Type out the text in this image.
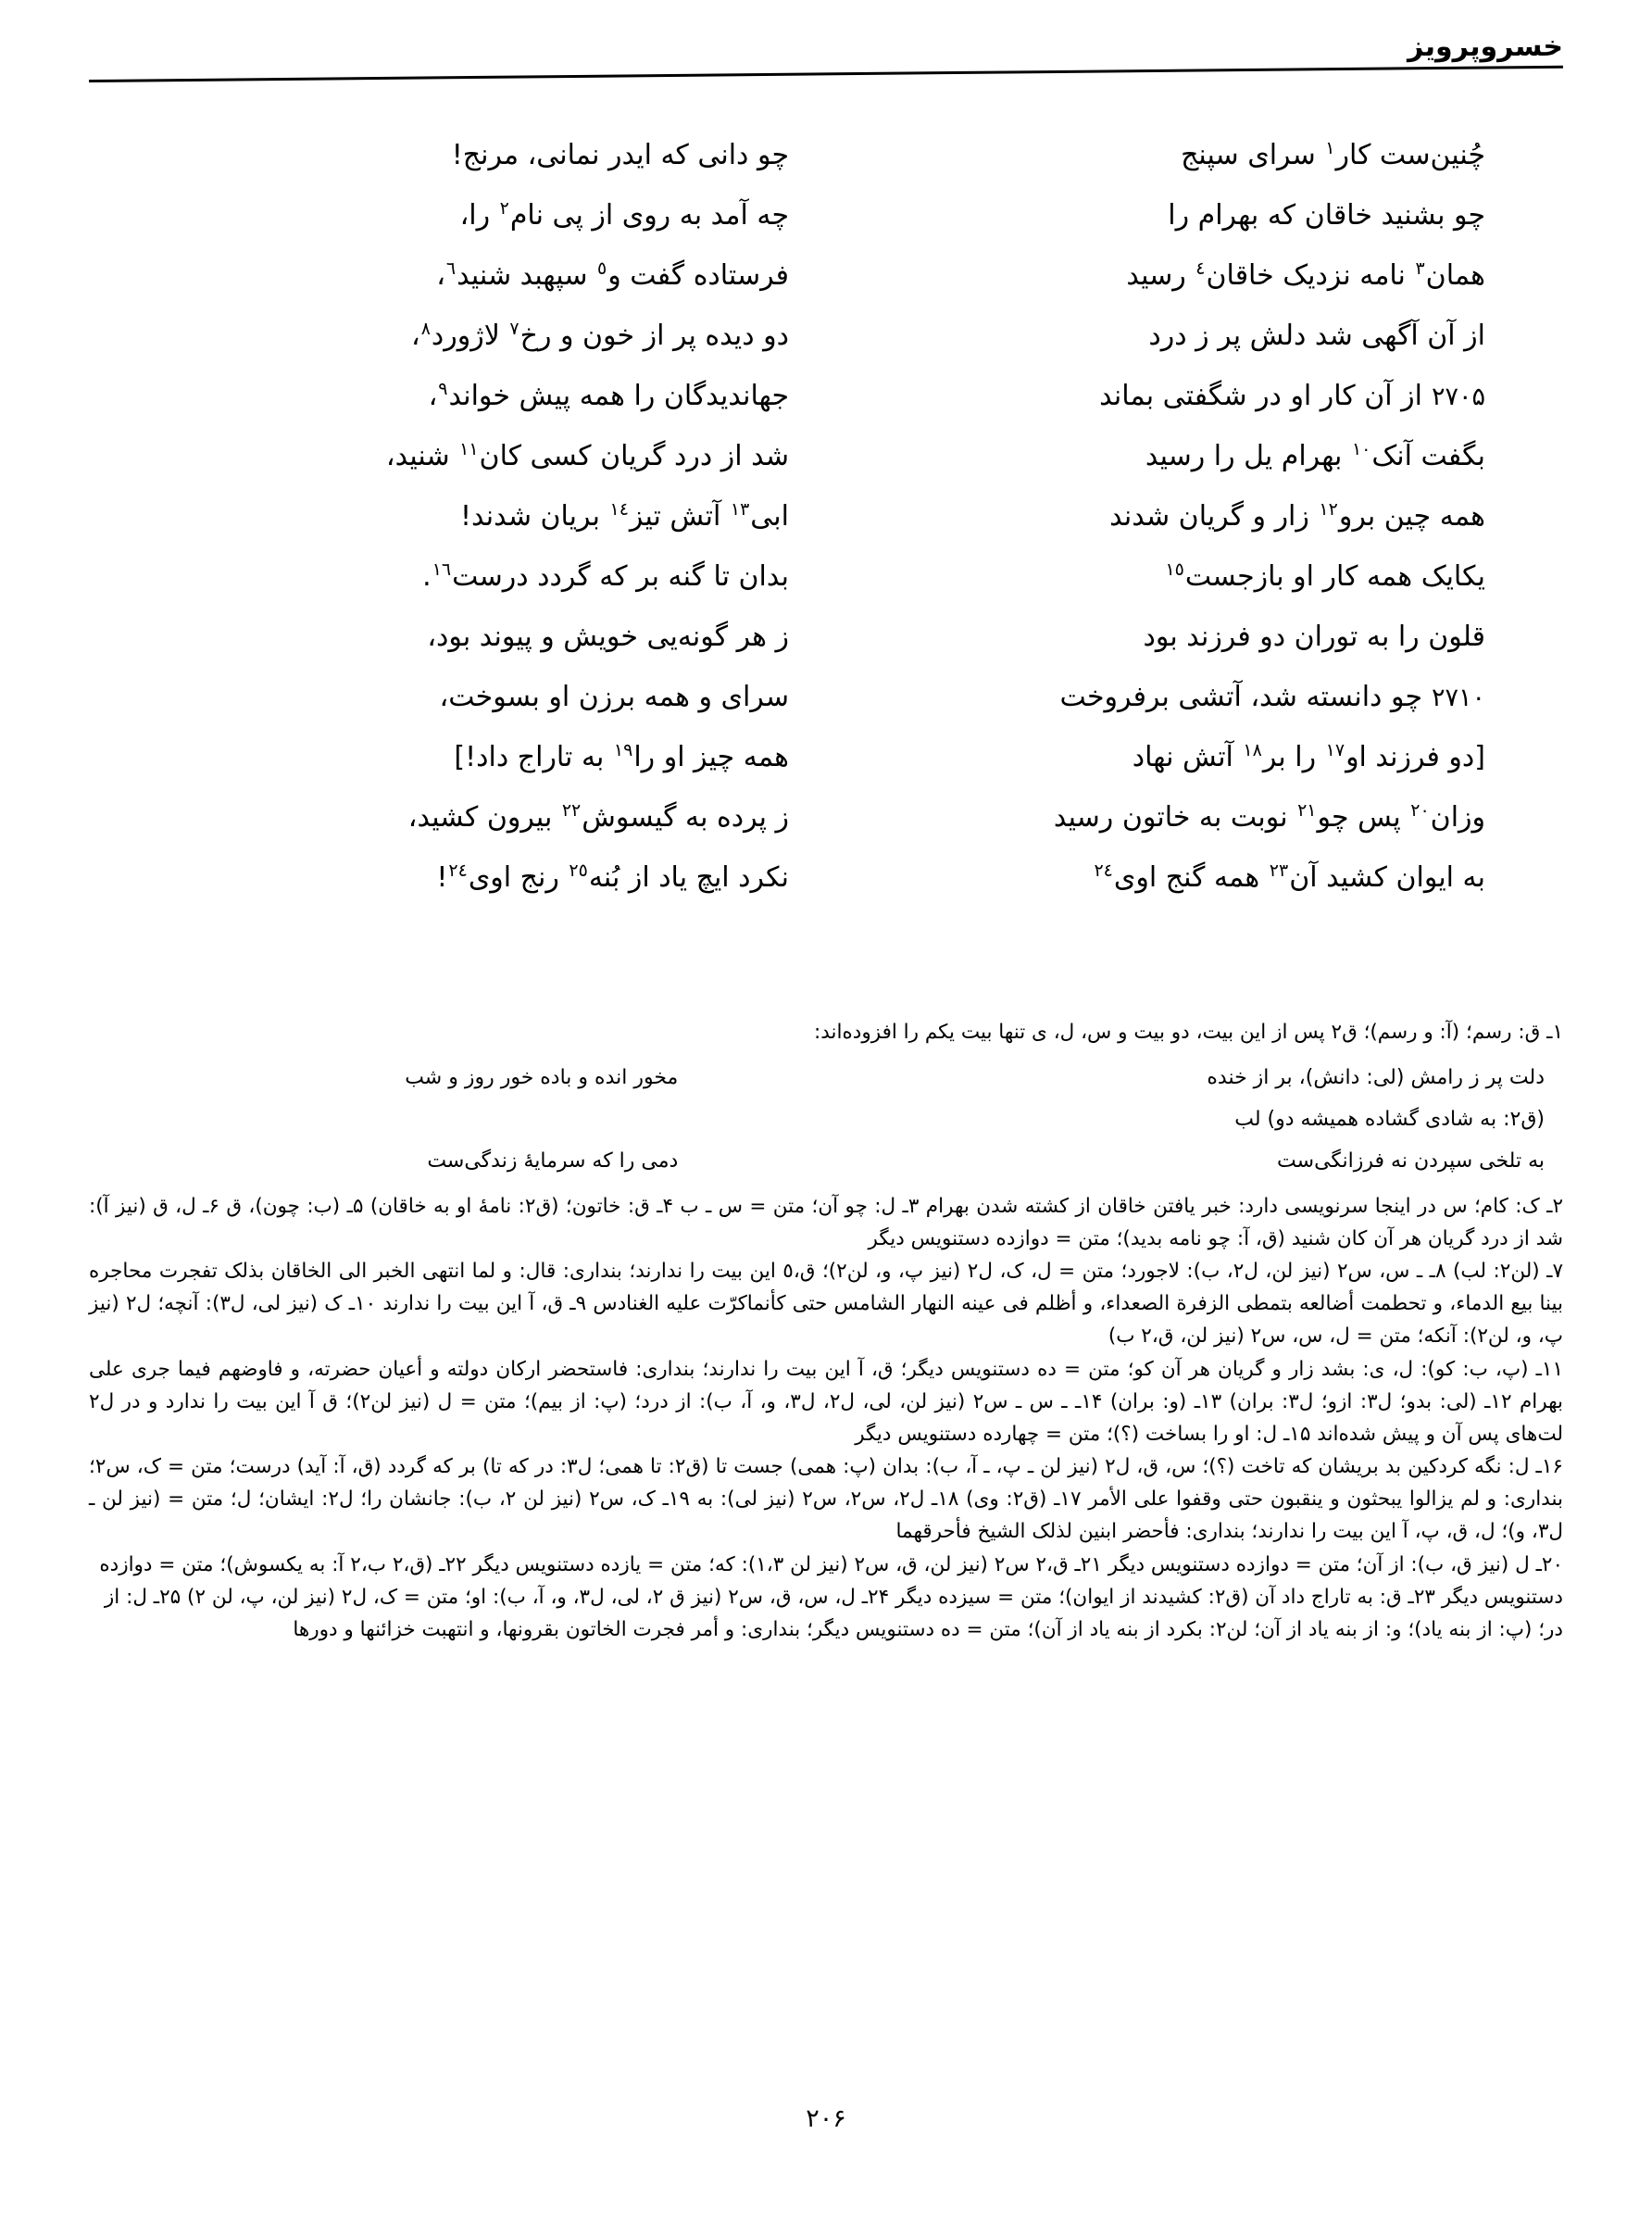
خسروپرویز
چُنین‌ست کار$^١$ سرای سپنج
چو دانی که ایدر نمانی، مرنج!
چو بشنید خاقان که بهرام را
چه آمد به روی از پی نام$^٢$ را،
همان$^٣$ نامه نزدیک خاقان$^٤$ رسید
فرستاده گفت و$^٥$ سپهبد شنید$^٦$،
از آن آگهی شد دلش پر ز درد
دو دیده پر از خون و رخ$^٧$ لاژورد$^٨$،
۲۷۰۵از آن کار او در شگفتی بماند
جهاندیدگان را همه پیش خواند$^٩$،
بگفت آنک$^{١٠}$ بهرام یل را رسید
شد از درد گریان کسی کان$^{١١}$ شنید،
همه چین برو$^{١٢}$ زار و گریان شدند
ابی$^{١٣}$ آتش تیز$^{١٤}$ بریان شدند!
یکایک همه کار او بازجست$^{١٥}$
بدان تا گنه بر که گردد درست$^{١٦}$.
قلون را به توران دو فرزند بود
ز هر گونه‌یی خویش و پیوند بود،
۲۷۱۰چو دانسته شد، آتشی برفروخت
سرای و همه برزن او بسوخت،
[دو فرزند او$^{١٧}$ را بر$^{١٨}$ آتش نهاد
همه چیز او را$^{١٩}$ به تاراج داد!]
وزان$^{٢٠}$ پس چو$^{٢١}$ نوبت به خاتون رسید
ز پرده به گیسوش$^{٢٢}$ بیرون کشید،
به ایوان کشید آن$^{٢٣}$ همه گنج اوی$^{٢٤}$
نکرد ایچ یاد از بُنه$^{٢٥}$ رنج اوی$^{٢٤}$!
۱ـ ق: رسم؛ (آ: و رسم)؛ ق٢ پس از این بیت، دو بیت و س، ل، ی تنها بیت یکم را افزوده‌اند:
دلت پر ز رامش (لی: دانش)، بر از خنده
مخور انده و باده خور روز و شب
(ق٢: به شادی گشاده همیشه دو) لب
به تلخی سپردن نه فرزانگی‌ست
دمی را که سرمایهٔ زندگی‌ست

۲ـ ک: کام؛ س در اینجا سرنویسی دارد: خبر یافتن خاقان از کشته شدن بهرام ۳ـ ل: چو آن؛ متن = س ـ ب ۴ـ ق: خاتون؛ (ق٢: نامهٔ او به خاقان) ۵ـ (ب: چون)، ق ۶ـ ل، ق (نیز آ): شد از درد گریان هر آن کان شنید (ق، آ: چو نامه بدید)؛ متن = دوازده دستنویس دیگر

۷ـ (لن٢: لب) ۸ـ ـ س، س٢ (نیز لن، ل٢، ب): لاجورد؛ متن = ل، ک، ل٢ (نیز پ، و، لن٢)؛ ق،٥ این بیت را ندارند؛ بنداری: قال: و لما انتهی الخبر الی الخاقان بذلک تفجرت محاجره بینا بیع الدماء، و تحطمت أضالعه بتمطی الزفرة الصعداء، و أظلم فی عینه النهار الشامس حتی کأنماکرّت علیه الغنادس ۹ـ ق، آ این بیت را ندارند ۱۰ـ ک (نیز لی، ل٣): آنچه؛ ل٢ (نیز پ، و، لن٢): آنکه؛ متن = ل، س، س٢ (نیز لن، ق،٢ ب)

۱۱ـ (پ، ب: کو): ل، ی: بشد زار و گریان هر آن کو؛ متن = ده دستنویس دیگر؛ ق، آ این بیت را ندارند؛ بنداری: فاستحضر ارکان دولته و أعیان حضرته، و فاوضهم فیما جری علی بهرام ۱۲ـ (لی: بدو؛ ل٣: ازو؛ ل٣: بران) ۱۳ـ (و: بران) ۱۴ـ ـ س ـ س٢ (نیز لن، لی، ل٢، ل٣، و، آ، ب): از درد؛ (پ: از بیم)؛ متن = ل (نیز لن٢)؛ ق آ این بیت را ندارد و در ل٢ لت‌های پس آن و پیش شده‌اند ۱۵ـ ل: او را بساخت (؟)؛ متن = چهارده دستنویس دیگر

۱۶ـ ل: نگه کردکین بد بریشان که تاخت (؟)؛ س، ق، ل٢ (نیز لن ـ پ، ـ آ، ب): بدان (پ: همی) جست تا (ق٢: تا همی؛ ل٣: در که تا) بر که گردد (ق، آ: آید) درست؛ متن = ک، س٢؛ بنداری: و لم یزالوا یبحثون و ینقبون حتی وقفوا علی الأمر ۱۷ـ (ق٢: وی) ۱۸ـ ل٢، س٢، س٢ (نیز لی): به ۱۹ـ ک، س٢ (نیز لن ٢، ب): جانشان را؛ ل٢: ایشان؛ ل؛ متن = (نیز لن ـ ل٣، و)؛ ل، ق، پ، آ این بیت را ندارند؛ بنداری: فأحضر ابنین لذلک الشیخ فأحرقهما

۲۰ـ ل (نیز ق، ب): از آن؛ متن = دوازده دستنویس دیگر ۲۱ـ ق،٢ س٢ (نیز لن، ق، س٢ (نیز لن ١،٣): که؛ متن = یازده دستنویس دیگر ۲۲ـ (ق،٢ ب،٢ آ: به یکسوش)؛ متن = دوازده دستنویس دیگر ۲۳ـ ق: به تاراج داد آن (ق٢: کشیدند از ایوان)؛ متن = سیزده دیگر ۲۴ـ ل، س، ق، س٢ (نیز ق ٢، لی، ل٣، و، آ، ب): او؛ متن = ک، ل٢ (نیز لن، پ، لن ٢) ۲۵ـ ل: از در؛ (پ: از بنه یاد)؛ و: از بنه یاد از آن؛ لن٢: بکرد از بنه یاد از آن)؛ متن = ده دستنویس دیگر؛ بنداری: و أمر فجرت الخاتون بقرونها، و انتهبت خزائنها و دورها

۲۰۶
